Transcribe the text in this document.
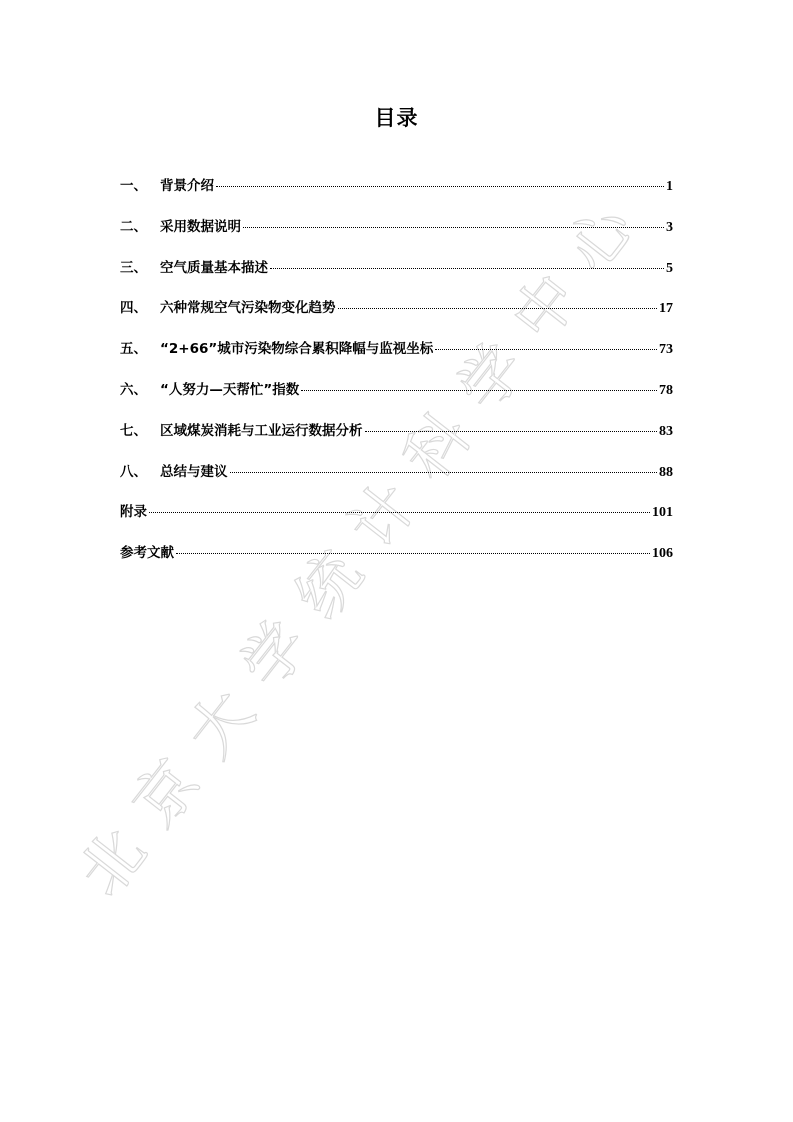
北
京
大
学
统
计
科
学
中
心
目录
一、 背景介绍	1
二、 采用数据说明	3
三、 空气质量基本描述	5
四、 六种常规空气污染物变化趋势	17
五、 “2+66”城市污染物综合累积降幅与监视坐标	73
六、 “人努力—天帮忙”指数	78
七、 区域煤炭消耗与工业运行数据分析	83
八、 总结与建议	88
附录	101
参考文献	106
